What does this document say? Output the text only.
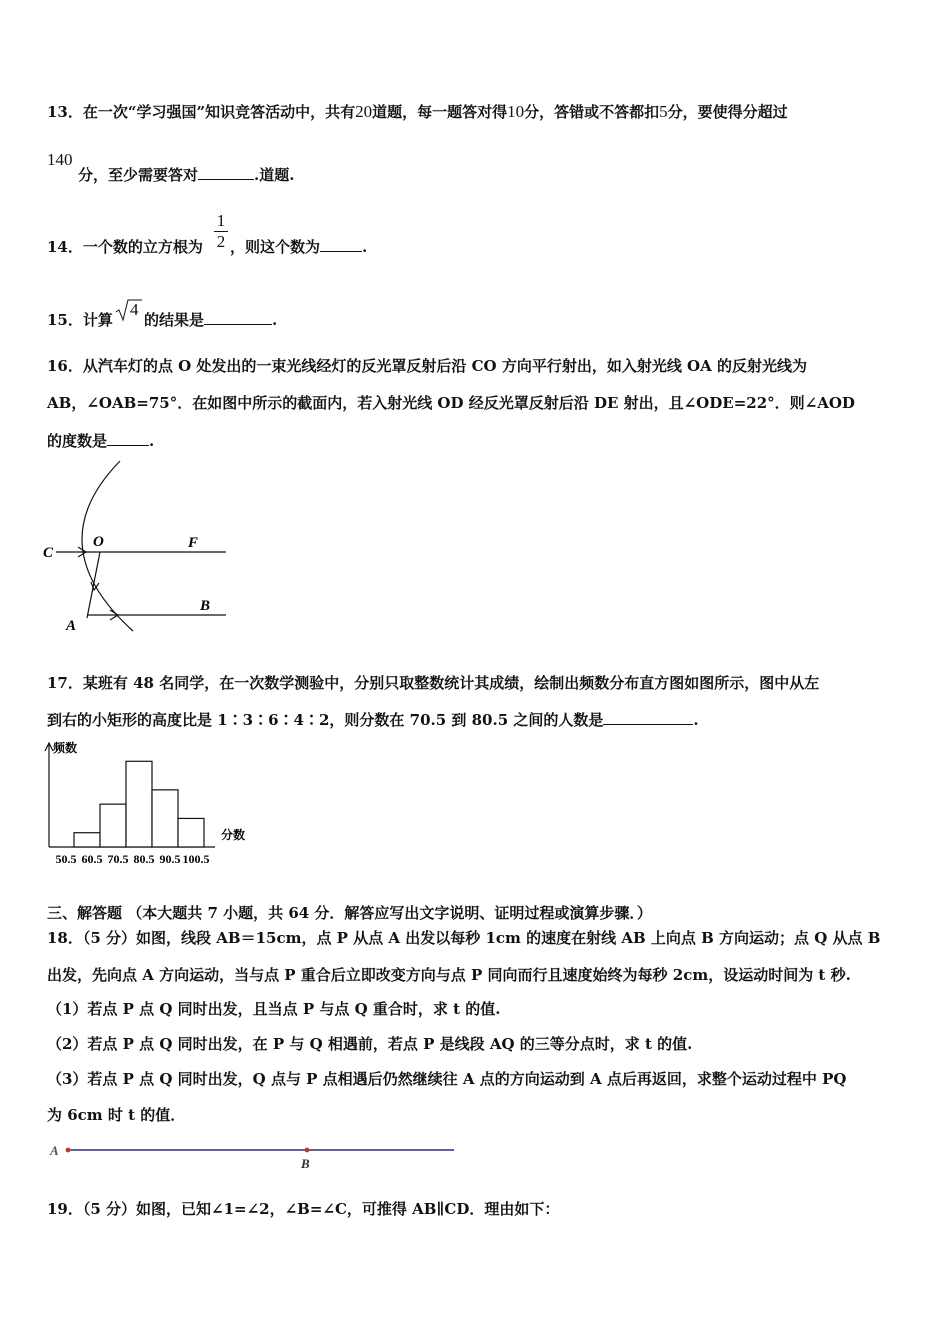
13．在一次“学习强国”知识竞答活动中，共有20道题，每一题答对得10分，答错或不答都扣5分，要使得分超过
140
分，至少需要答对	.道题.
14．一个数的立方根为
1
2 ，则这个数为	.
15．计算
4
的结果是	.
16．从汽车灯的点 O 处发出的一束光线经灯的反光罩反射后沿 CO 方向平行射出，如入射光线 OA 的反射光线为
AB，∠OAB=75°．在如图中所示的截面内，若入射光线 OD 经反光罩反射后沿 DE 射出，且∠ODE=22°．则∠AOD
的度数是	.
C
O	F
B
A
17．某班有 48 名同学，在一次数学测验中，分别只取整数统计其成绩，绘制出频数分布直方图如图所示，图中从左
到右的小矩形的高度比是 1∶3∶6∶4∶2，则分数在 70.5 到 80.5 之间的人数是	.
频数
分数
50.5 60.5 70.5 80.5 90.5 100.5
三、解答题 （本大题共 7 小题，共 64 分．解答应写出文字说明、证明过程或演算步骤．）
18．（5 分）如图，线段 AB＝15cm，点 P 从点 A 出发以每秒 1cm 的速度在射线 AB 上向点 B 方向运动；点 Q 从点 B
出发，先向点 A 方向运动，当与点 P 重合后立即改变方向与点 P 同向而行且速度始终为每秒 2cm，设运动时间为 t 秒.
（1）若点 P 点 Q 同时出发，且当点 P 与点 Q 重合时，求 t 的值.
（2）若点 P 点 Q 同时出发，在 P 与 Q 相遇前，若点 P 是线段 AQ 的三等分点时，求 t 的值.
（3）若点 P 点 Q 同时出发，Q 点与 P 点相遇后仍然继续往 A 点的方向运动到 A 点后再返回，求整个运动过程中 PQ
为 6cm 时 t 的值．
A
B
19．（5 分）如图，已知∠1=∠2，∠B=∠C，可推得 AB∥CD．理由如下：
